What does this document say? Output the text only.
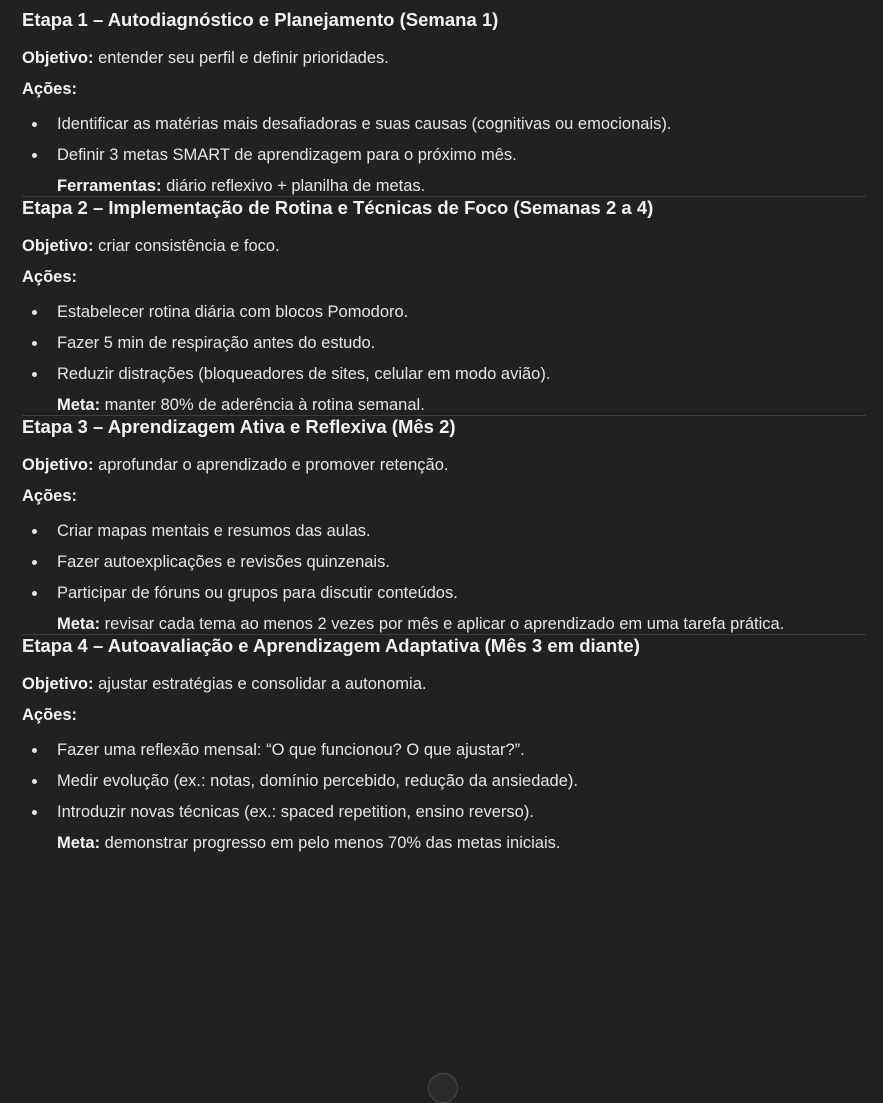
Etapa 1 – Autodiagnóstico e Planejamento (Semana 1)
Objetivo: entender seu perfil e definir prioridades.
Ações:
Identificar as matérias mais desafiadoras e suas causas (cognitivas ou emocionais).
Definir 3 metas SMART de aprendizagem para o próximo mês.
Ferramentas: diário reflexivo + planilha de metas.
Etapa 2 – Implementação de Rotina e Técnicas de Foco (Semanas 2 a 4)
Objetivo: criar consistência e foco.
Ações:
Estabelecer rotina diária com blocos Pomodoro.
Fazer 5 min de respiração antes do estudo.
Reduzir distrações (bloqueadores de sites, celular em modo avião).
Meta: manter 80% de aderência à rotina semanal.
Etapa 3 – Aprendizagem Ativa e Reflexiva (Mês 2)
Objetivo: aprofundar o aprendizado e promover retenção.
Ações:
Criar mapas mentais e resumos das aulas.
Fazer autoexplicações e revisões quinzenais.
Participar de fóruns ou grupos para discutir conteúdos.
Meta: revisar cada tema ao menos 2 vezes por mês e aplicar o aprendizado em uma tarefa prática.
Etapa 4 – Autoavaliação e Aprendizagem Adaptativa (Mês 3 em diante)
Objetivo: ajustar estratégias e consolidar a autonomia.
Ações:
Fazer uma reflexão mensal: “O que funcionou? O que ajustar?”.
Medir evolução (ex.: notas, domínio percebido, redução da ansiedade).
Introduzir novas técnicas (ex.: spaced repetition, ensino reverso).
Meta: demonstrar progresso em pelo menos 70% das metas iniciais.
